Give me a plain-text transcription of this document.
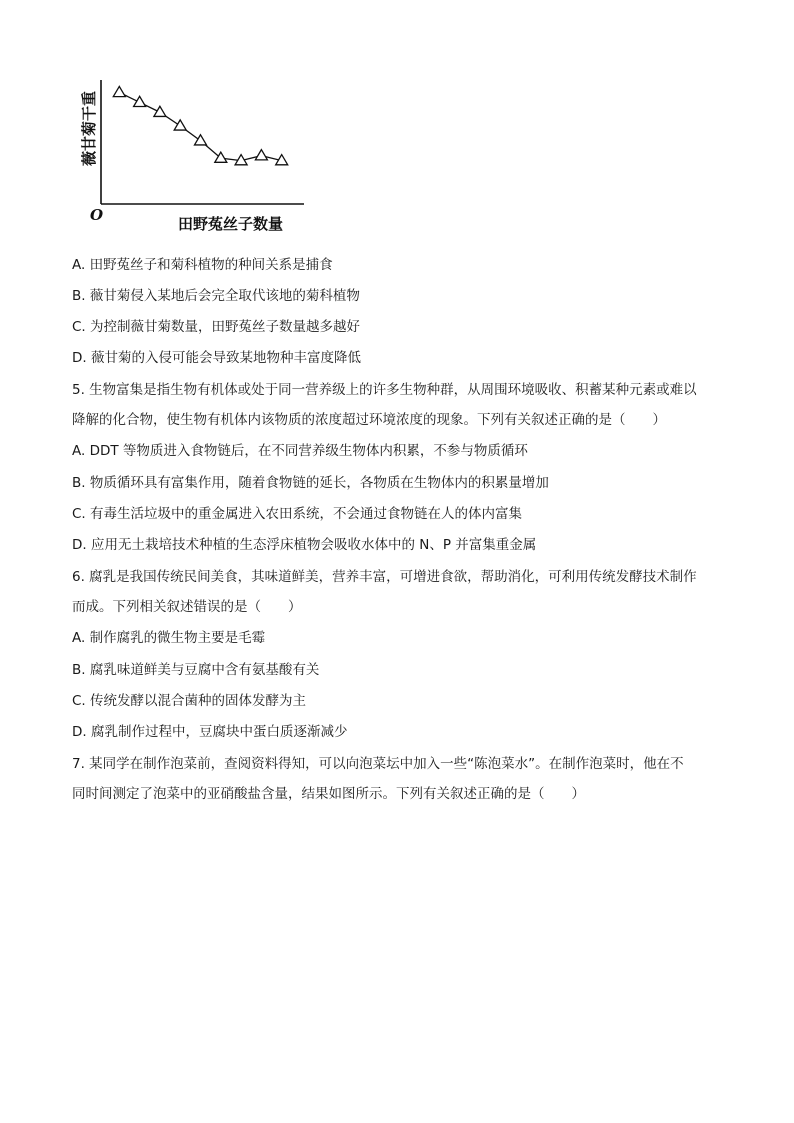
O	田野菟丝子数量
薇甘菊干重
A. 田野菟丝子和菊科植物的种间关系是捕食
B. 薇甘菊侵入某地后会完全取代该地的菊科植物
C. 为控制薇甘菊数量，田野菟丝子数量越多越好
D. 薇甘菊的入侵可能会导致某地物种丰富度降低
5. 生物富集是指生物有机体或处于同一营养级上的许多生物种群，从周围环境吸收、积蓄某种元素或难以
降解的化合物，使生物有机体内该物质的浓度超过环境浓度的现象。下列有关叙述正确的是（　　）
A. DDT 等物质进入食物链后，在不同营养级生物体内积累，不参与物质循环
B. 物质循环具有富集作用，随着食物链的延长，各物质在生物体内的积累量增加
C. 有毒生活垃圾中的重金属进入农田系统，不会通过食物链在人的体内富集
D. 应用无土栽培技术种植的生态浮床植物会吸收水体中的 N、P 并富集重金属
6. 腐乳是我国传统民间美食，其味道鲜美，营养丰富，可增进食欲，帮助消化，可利用传统发酵技术制作
而成。下列相关叙述错误的是（　　）
A. 制作腐乳的微生物主要是毛霉
B. 腐乳味道鲜美与豆腐中含有氨基酸有关
C. 传统发酵以混合菌种的固体发酵为主
D. 腐乳制作过程中，豆腐块中蛋白质逐渐减少
7. 某同学在制作泡菜前，查阅资料得知，可以向泡菜坛中加入一些“陈泡菜水”。在制作泡菜时，他在不
同时间测定了泡菜中的亚硝酸盐含量，结果如图所示。下列有关叙述正确的是（　　）
